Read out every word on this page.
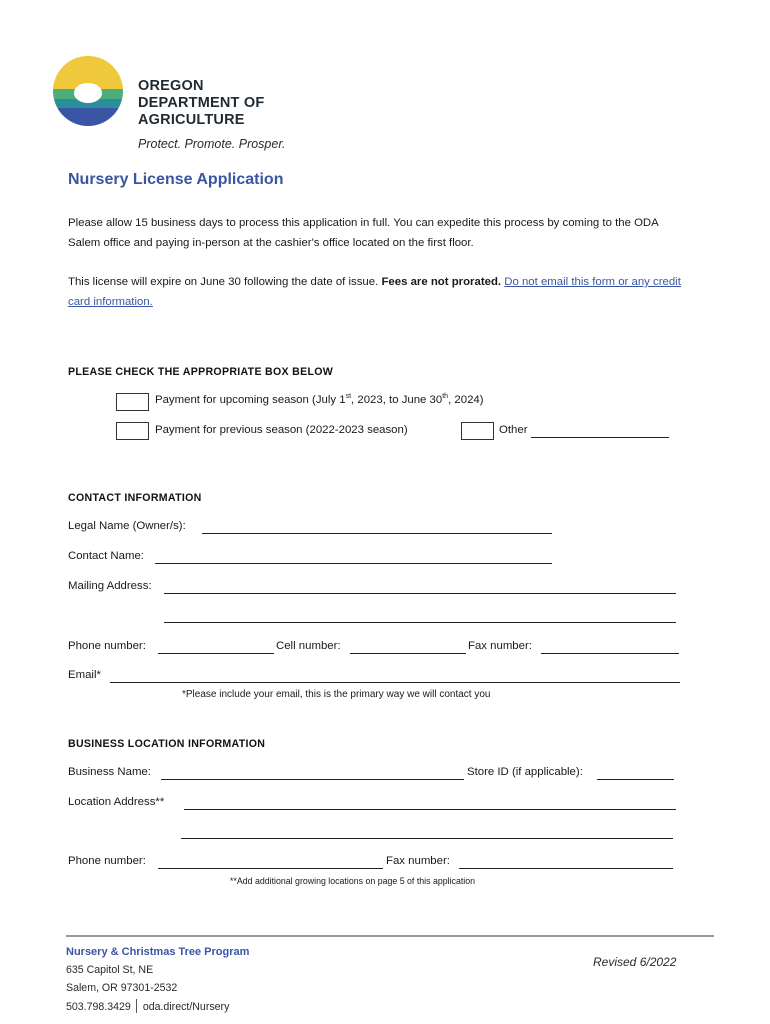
OREGON
DEPARTMENT OF
AGRICULTURE
Protect. Promote. Prosper.
Nursery License Application
Please allow 15 business days to process this application in full. You can expedite this process by coming to the ODA Salem office and paying in-person at the cashier's office located on the first floor.
This license will expire on June 30 following the date of issue. Fees are not prorated. Do not email this form or any credit card information.
PLEASE CHECK THE APPROPRIATE BOX BELOW
Payment for upcoming season (July 1st, 2023, to June 30th, 2024)
Payment for previous season (2022-2023 season)	Other
CONTACT INFORMATION
Legal Name (Owner/s):
Contact Name:
Mailing Address:
Phone number:	Cell number:	Fax number:
Email*
*Please include your email, this is the primary way we will contact you
BUSINESS LOCATION INFORMATION
Business Name:	Store ID (if applicable):
Location Address**
Phone number:	Fax number:
**Add additional growing locations on page 5 of this application
Nursery & Christmas Tree Program
635 Capitol St, NE
Salem, OR 97301-2532
503.798.3429 oda.direct/Nursery
Revised 6/2022
